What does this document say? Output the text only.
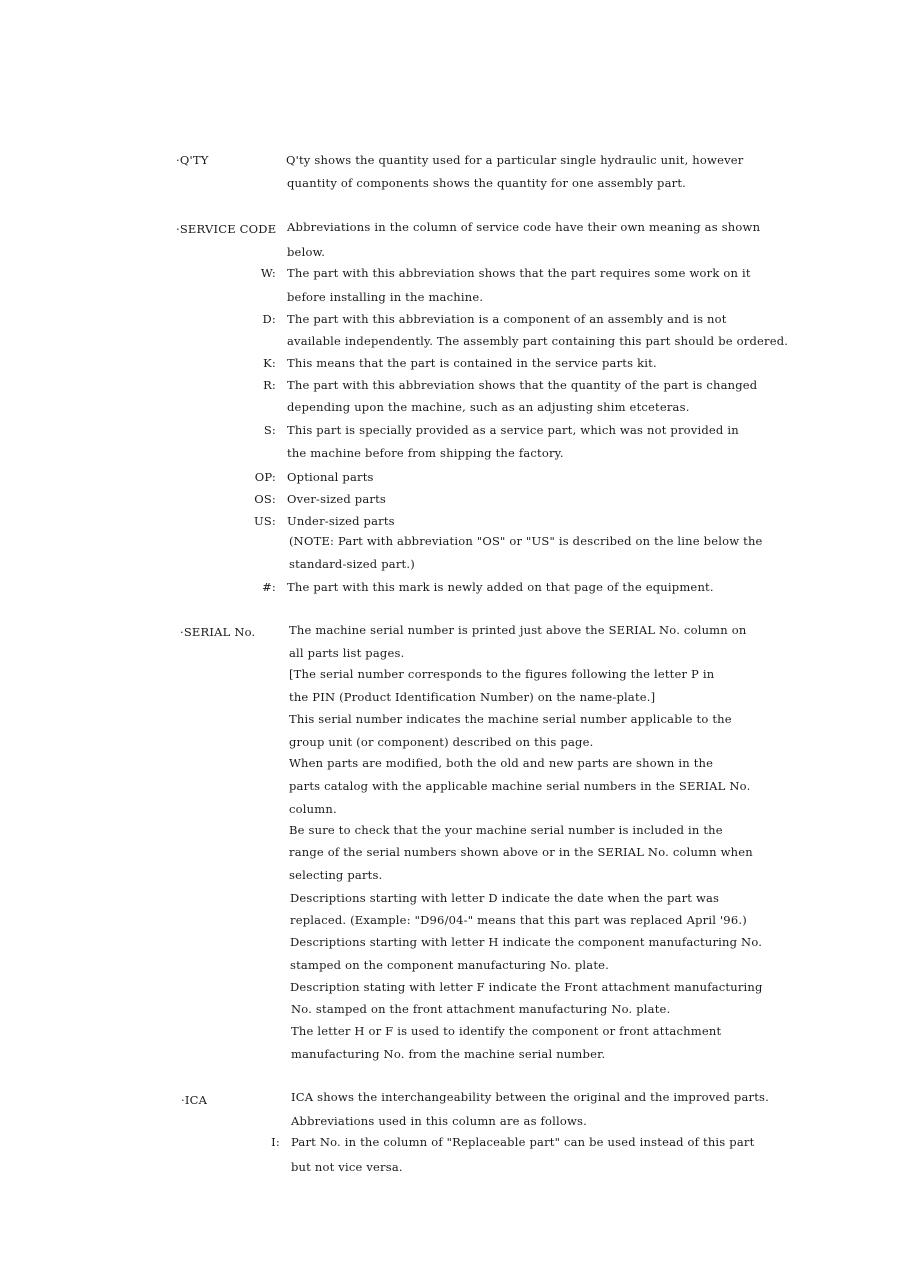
·Q'TY	Q'ty shows the quantity used for a particular single hydraulic unit, however
quantity of components shows the quantity for one assembly part.
·SERVICE CODE Abbreviations in the column of service code have their own meaning as shown
below.
W: The part with this abbreviation shows that the part requires some work on it
before installing in the machine.
D: The part with this abbreviation is a component of an assembly and is not
available independently. The assembly part containing this part should be ordered.
K: This means that the part is contained in the service parts kit.
R: The part with this abbreviation shows that the quantity of the part is changed
depending upon the machine, such as an adjusting shim etceteras.
S: This part is specially provided as a service part, which was not provided in
the machine before from shipping the factory.
OP: Optional parts
OS: Over-sized parts
US: Under-sized parts
(NOTE: Part with abbreviation "OS" or "US" is described on the line below the
standard-sized part.)
#: The part with this mark is newly added on that page of the equipment.
·SERIAL No.	The machine serial number is printed just above the SERIAL No. column on
all parts list pages.
[The serial number corresponds to the figures following the letter P in
the PIN (Product Identification Number) on the name-plate.]
This serial number indicates the machine serial number applicable to the
group unit (or component) described on this page.
When parts are modified, both the old and new parts are shown in the
parts catalog with the applicable machine serial numbers in the SERIAL No.
column.
Be sure to check that the your machine serial number is included in the
range of the serial numbers shown above or in the SERIAL No. column when
selecting parts.
Descriptions starting with letter D indicate the date when the part was
replaced. (Example: "D96/04-" means that this part was replaced April '96.)
Descriptions starting with letter H indicate the component manufacturing No.
stamped on the component manufacturing No. plate.
Description stating with letter F indicate the Front attachment manufacturing
No. stamped on the front attachment manufacturing No. plate.
The letter H or F is used to identify the component or front attachment
manufacturing No. from the machine serial number.
·ICA	ICA shows the interchangeability between the original and the improved parts.
Abbreviations used in this column are as follows.
I: Part No. in the column of "Replaceable part" can be used instead of this part
but not vice versa.
